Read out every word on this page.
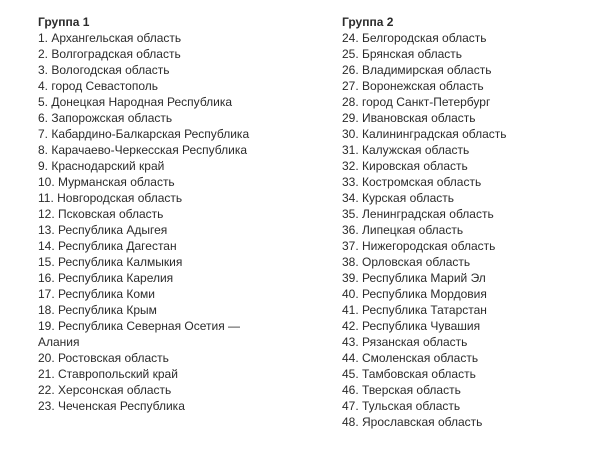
Группа 1
1. Архангельская область
2. Волгоградская область
3. Вологодская область
4. город Севастополь
5. Донецкая Народная Республика
6. Запорожская область
7. Кабардино-Балкарская Республика
8. Карачаево-Черкесская Республика
9. Краснодарский край
10. Мурманская область
11. Новгородская область
12. Псковская область
13. Республика Адыгея
14. Республика Дагестан
15. Республика Калмыкия
16. Республика Карелия
17. Республика Коми
18. Республика Крым
19. Республика Северная Осетия — Алания
20. Ростовская область
21. Ставропольский край
22. Херсонская область
23. Чеченская Республика
Группа 2
24. Белгородская область
25. Брянская область
26. Владимирская область
27. Воронежская область
28. город Санкт-Петербург
29. Ивановская область
30. Калининградская область
31. Калужская область
32. Кировская область
33. Костромская область
34. Курская область
35. Ленинградская область
36. Липецкая область
37. Нижегородская область
38. Орловская область
39. Республика Марий Эл
40. Республика Мордовия
41. Республика Татарстан
42. Республика Чувашия
43. Рязанская область
44. Смоленская область
45. Тамбовская область
46. Тверская область
47. Тульская область
48. Ярославская область
